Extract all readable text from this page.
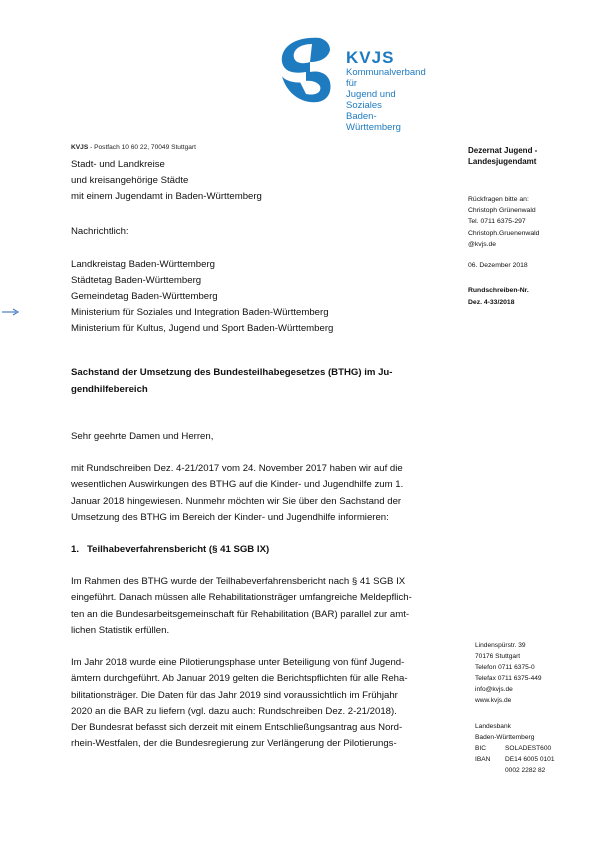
KVJS
Kommunalverband für
Jugend und Soziales
Baden-Württemberg
KVJS - Postfach 10 60 22, 70049 Stuttgart
Stadt- und Landkreise
und kreisangehörige Städte
mit einem Jugendamt in Baden-Württemberg
Nachrichtlich:
Landkreistag Baden-Württemberg
Städtetag Baden-Württemberg
Gemeindetag Baden-Württemberg
Ministerium für Soziales und Integration Baden-Württemberg
Ministerium für Kultus, Jugend und Sport Baden-Württemberg
Dezernat Jugend -
Landesjugendamt
Rückfragen bitte an:
Christoph Grünenwald
Tel. 0711 6375-297
Christoph.Gruenenwald
@kvjs.de
06. Dezember 2018
Rundschreiben-Nr.
Dez. 4-33/2018
Lindenspürstr. 39
70176 Stuttgart
Telefon 0711 6375-0
Telefax 0711 6375-449
info@kvjs.de
www.kvjs.de
Landesbank
Baden-Württemberg
BIC	SOLADEST600
IBAN	DE14 6005 0101
0002 2282 82
Sachstand der Umsetzung des Bundesteilhabegesetzes (BTHG) im Ju-
gendhilfebereich
Sehr geehrte Damen und Herren,
mit Rundschreiben Dez. 4-21/2017 vom 24. November 2017 haben wir auf die
wesentlichen Auswirkungen des BTHG auf die Kinder- und Jugendhilfe zum 1.
Januar 2018 hingewiesen. Nunmehr möchten wir Sie über den Sachstand der
Umsetzung des BTHG im Bereich der Kinder- und Jugendhilfe informieren:
1.   Teilhabeverfahrensbericht (§ 41 SGB IX)
Im Rahmen des BTHG wurde der Teilhabeverfahrensbericht nach § 41 SGB IX
eingeführt. Danach müssen alle Rehabilitationsträger umfangreiche Meldepflich-
ten an die Bundesarbeitsgemeinschaft für Rehabilitation (BAR) parallel zur amt-
lichen Statistik erfüllen.
Im Jahr 2018 wurde eine Pilotierungsphase unter Beteiligung von fünf Jugend-
ämtern durchgeführt. Ab Januar 2019 gelten die Berichtspflichten für alle Reha-
bilitationsträger. Die Daten für das Jahr 2019 sind voraussichtlich im Frühjahr
2020 an die BAR zu liefern (vgl. dazu auch: Rundschreiben Dez. 2-21/2018).
Der Bundesrat befasst sich derzeit mit einem Entschließungsantrag aus Nord-
rhein-Westfalen, der die Bundesregierung zur Verlängerung der Pilotierungs-
